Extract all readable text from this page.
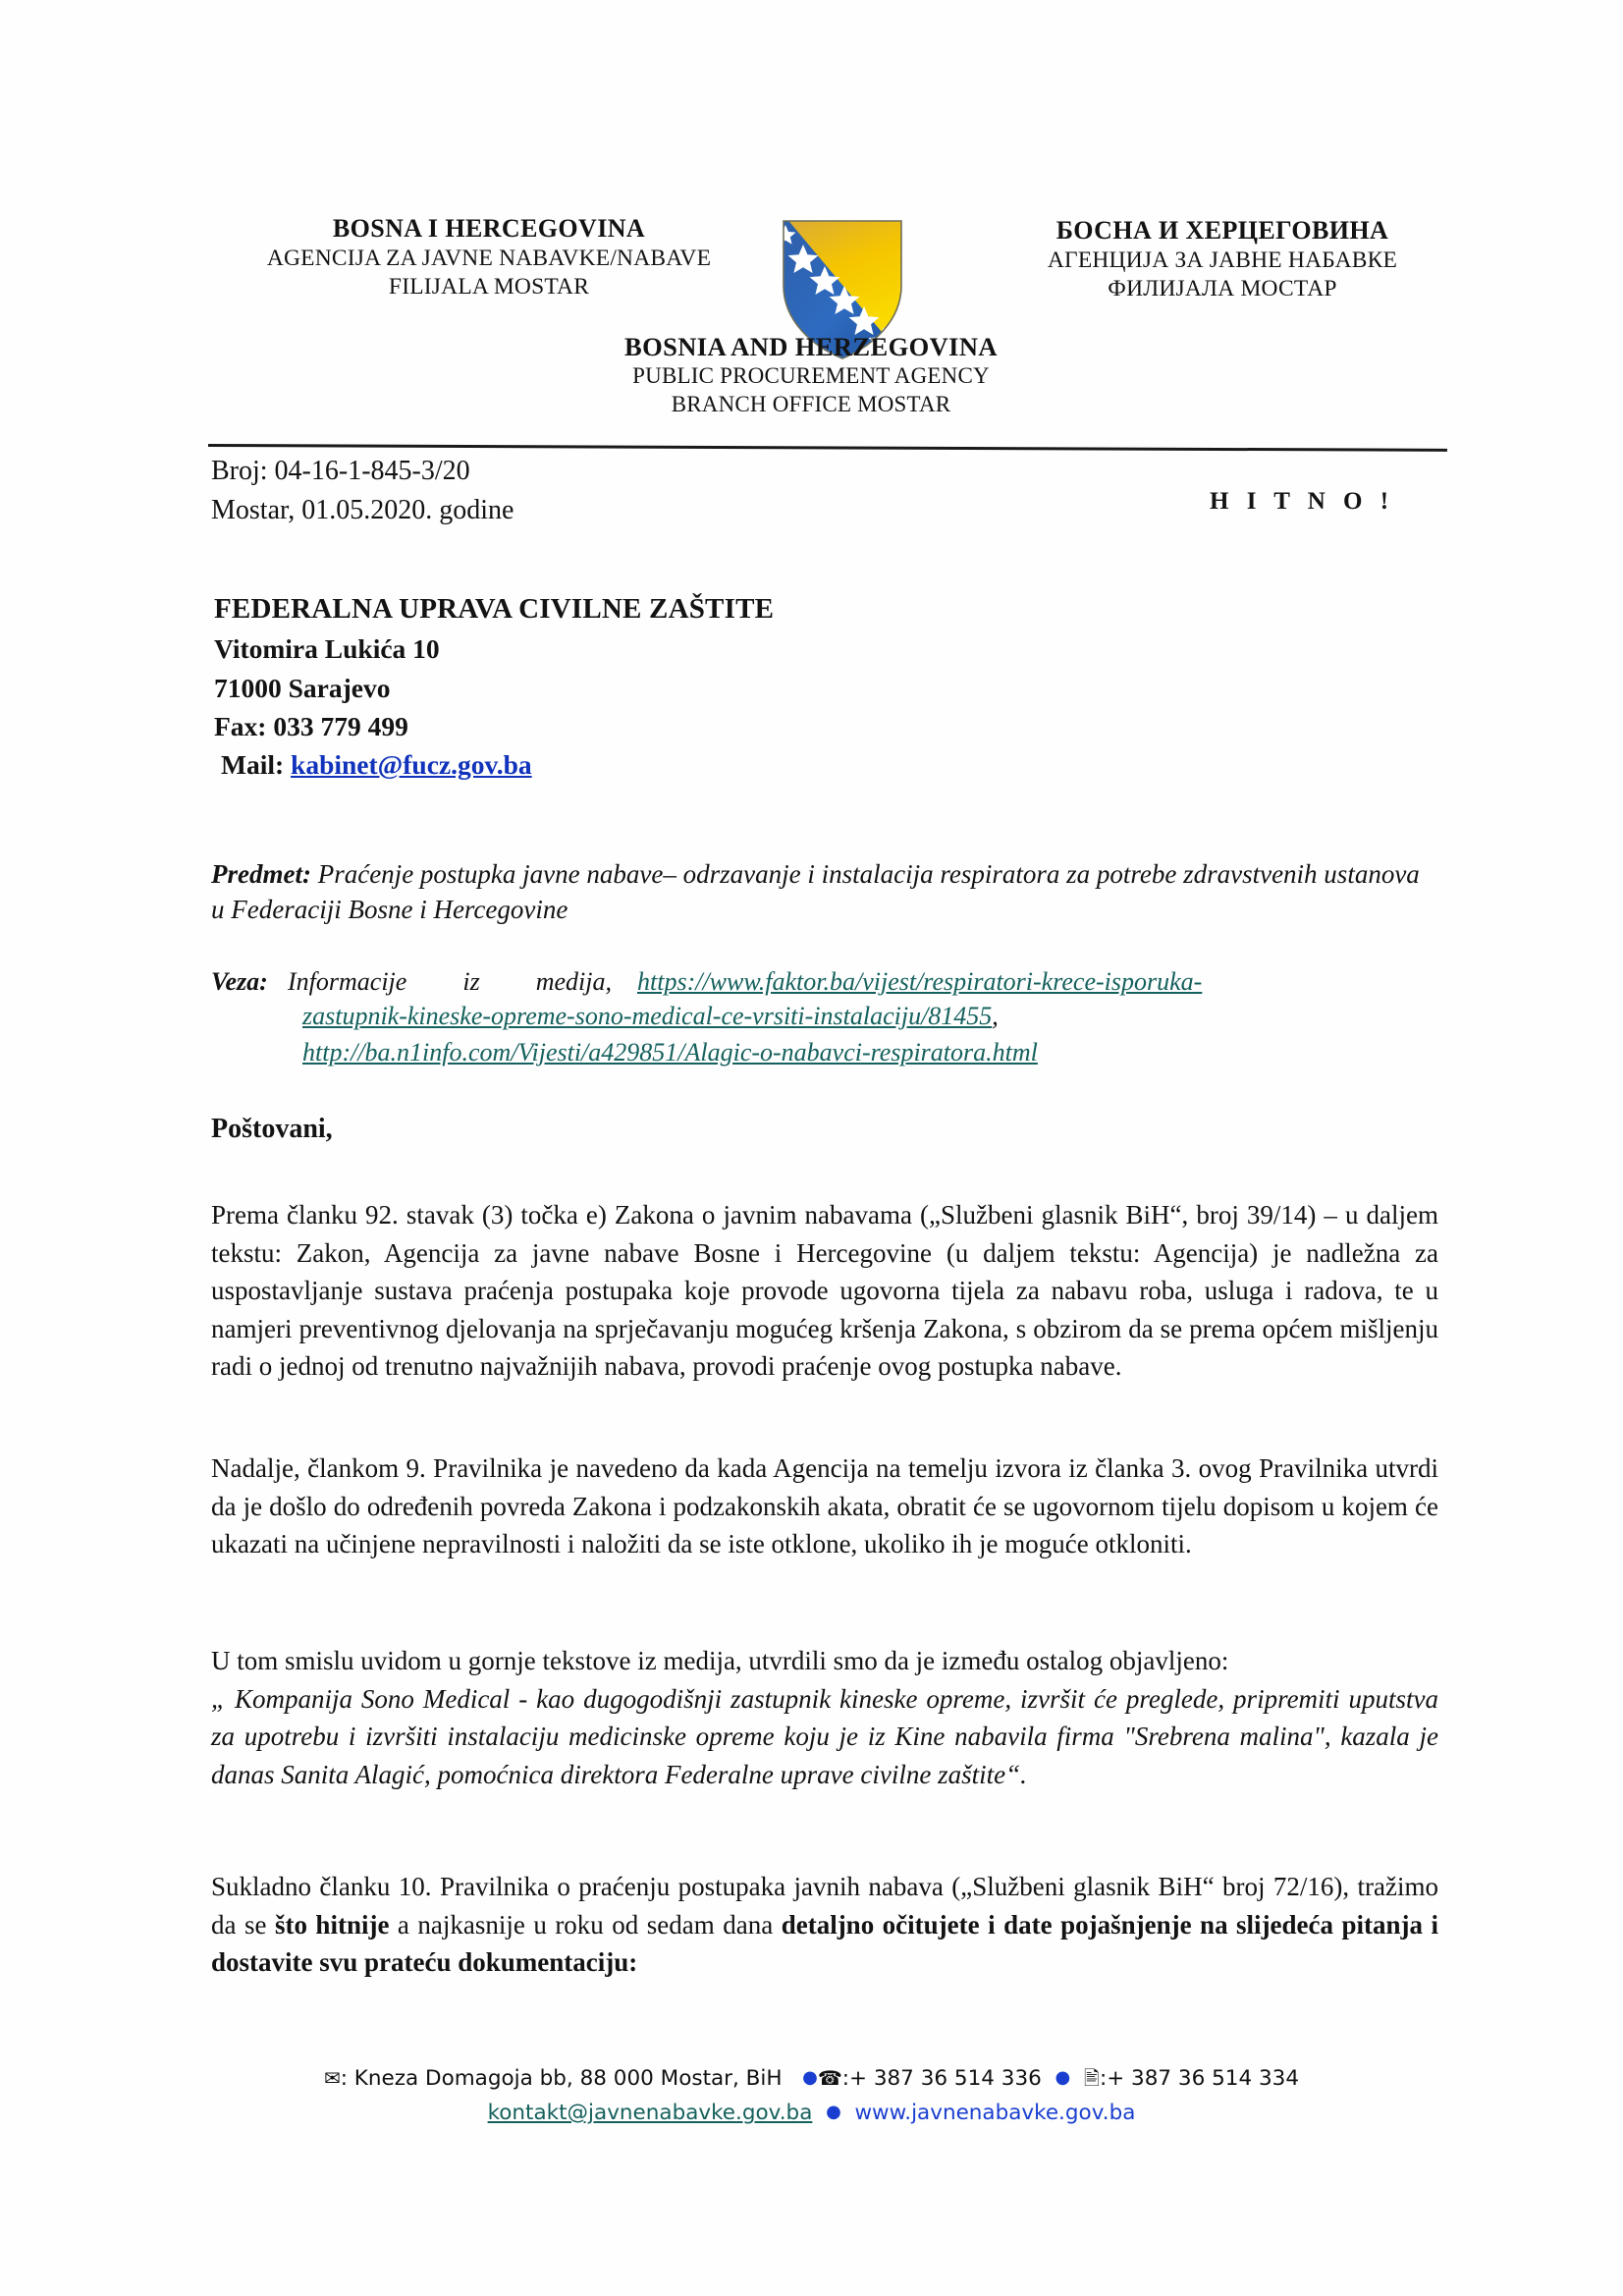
BOSNA I HERCEGOVINA
AGENCIJA ZA JAVNE NABAVKE/NABAVE
FILIJALA MOSTAR
БОСНА И ХЕРЦЕГОВИНА
АГЕНЦИЈА ЗА ЈАВНЕ НАБАВКЕ
ФИЛИЈАЛА МОСТАР
BOSNIA AND HERZEGOVINA
PUBLIC PROCUREMENT AGENCY
BRANCH OFFICE MOSTAR
Broj: 04-16-1-845-3/20
Mostar, 01.05.2020. godine	H I T N O !
FEDERALNA UPRAVA CIVILNE ZAŠTITE
Vitomira Lukića 10
71000 Sarajevo
Fax: 033 779 499
Mail: kabinet@fucz.gov.ba
Predmet: Praćenje postupka javne nabave– odrzavanje i instalacija respiratora za potrebe zdravstvenih ustanova u Federaciji Bosne i Hercegovine
Veza: Informacije iz medija, https://www.faktor.ba/vijest/respiratori-krece-isporuka-
zastupnik-kineske-opreme-sono-medical-ce-vrsiti-instalaciju/81455,
http://ba.n1info.com/Vijesti/a429851/Alagic-o-nabavci-respiratora.html
Poštovani,
Prema članku 92. stavak (3) točka e) Zakona o javnim nabavama („Službeni glasnik BiH“, broj 39/14) – u daljem tekstu: Zakon, Agencija za javne nabave Bosne i Hercegovine (u daljem tekstu: Agencija) je nadležna za uspostavljanje sustava praćenja postupaka koje provode ugovorna tijela za nabavu roba, usluga i radova, te u namjeri preventivnog djelovanja na sprječavanju mogućeg kršenja Zakona, s obzirom da se prema općem mišljenju radi o jednoj od trenutno najvažnijih nabava, provodi praćenje ovog postupka nabave.
Nadalje, člankom 9. Pravilnika je navedeno da kada Agencija na temelju izvora iz članka 3. ovog Pravilnika utvrdi da je došlo do određenih povreda Zakona i podzakonskih akata, obratit će se ugovornom tijelu dopisom u kojem će ukazati na učinjene nepravilnosti i naložiti da se iste otklone, ukoliko ih je moguće otkloniti.
U tom smislu uvidom u gornje tekstove iz medija, utvrdili smo da je između ostalog objavljeno:
„ Kompanija Sono Medical - kao dugogodišnji zastupnik kineske opreme, izvršit će preglede, pripremiti uputstva za upotrebu i izvršiti instalaciju medicinske opreme koju je iz Kine nabavila firma "Srebrena malina", kazala je danas Sanita Alagić, pomoćnica direktora Federalne uprave civilne zaštite“.
Sukladno članku 10. Pravilnika o praćenju postupaka javnih nabava („Službeni glasnik BiH“ broj 72/16), tražimo da se što hitnije a najkasnije u roku od sedam dana detaljno očitujete i date pojašnjenje na slijedeća pitanja i dostavite svu prateću dokumentaciju:
✉: Kneza Domagoja bb, 88 000 Mostar, BiH ●☎:+ 387 36 514 336 ● 🖹:+ 387 36 514 334
kontakt@javnenabavke.gov.ba ● www.javnenabavke.gov.ba
